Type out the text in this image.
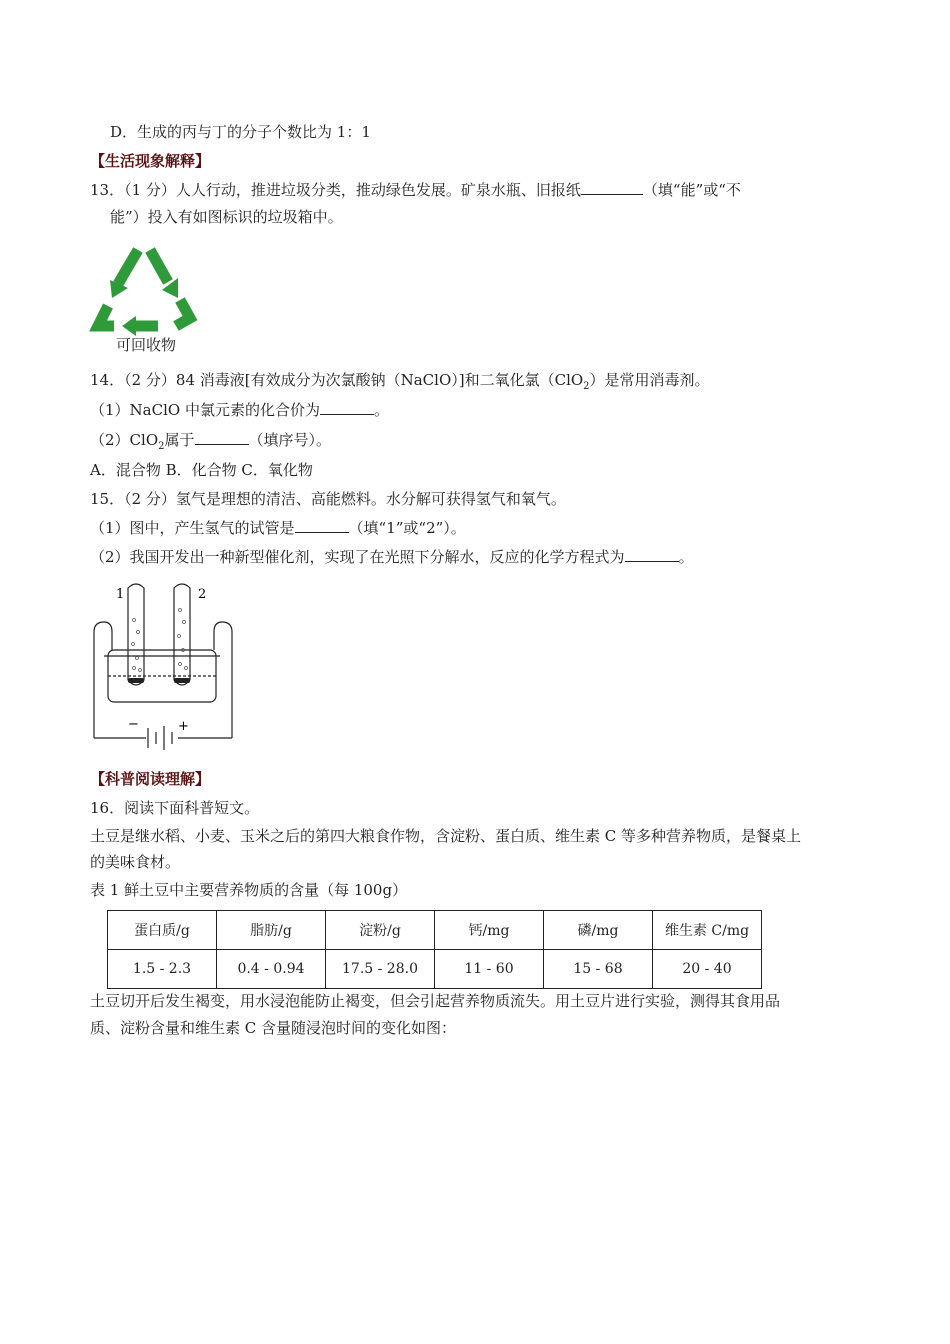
D．生成的丙与丁的分子个数比为 1：1
【生活现象解释】
13．（1 分）人人行动，推进垃圾分类，推动绿色发展。矿泉水瓶、旧报纸	（填“能”或“不
能”）投入有如图标识的垃圾箱中。
可回收物
14．（2 分）84 消毒液[有效成分为次氯酸钠（NaClO）]和二氧化氯（ClO$_2$）是常用消毒剂。
（1）NaClO 中氯元素的化合价为	。
（2）ClO$_2$属于	（填序号）。
A．混合物 B．化合物 C．氧化物
15．（2 分）氢气是理想的清洁、高能燃料。水分解可获得氢气和氧气。
（1）图中，产生氢气的试管是	（填“1”或“2”）。
（2）我国开发出一种新型催化剂，实现了在光照下分解水，反应的化学方程式为	。
1	2
−	+
【科普阅读理解】
16．阅读下面科普短文。
土豆是继水稻、小麦、玉米之后的第四大粮食作物，含淀粉、蛋白质、维生素 C 等多种营养物质，是餐桌上
的美味食材。
表 1 鲜土豆中主要营养物质的含量（每 100g）
蛋白质/g	脂肪/g	淀粉/g	钙/mg	磷/mg	维生素 C/mg
1.5 - 2.3	0.4 - 0.94	17.5 - 28.0	11 - 60	15 - 68	20 - 40
土豆切开后发生褐变，用水浸泡能防止褐变，但会引起营养物质流失。用土豆片进行实验，测得其食用品
质、淀粉含量和维生素 C 含量随浸泡时间的变化如图：
